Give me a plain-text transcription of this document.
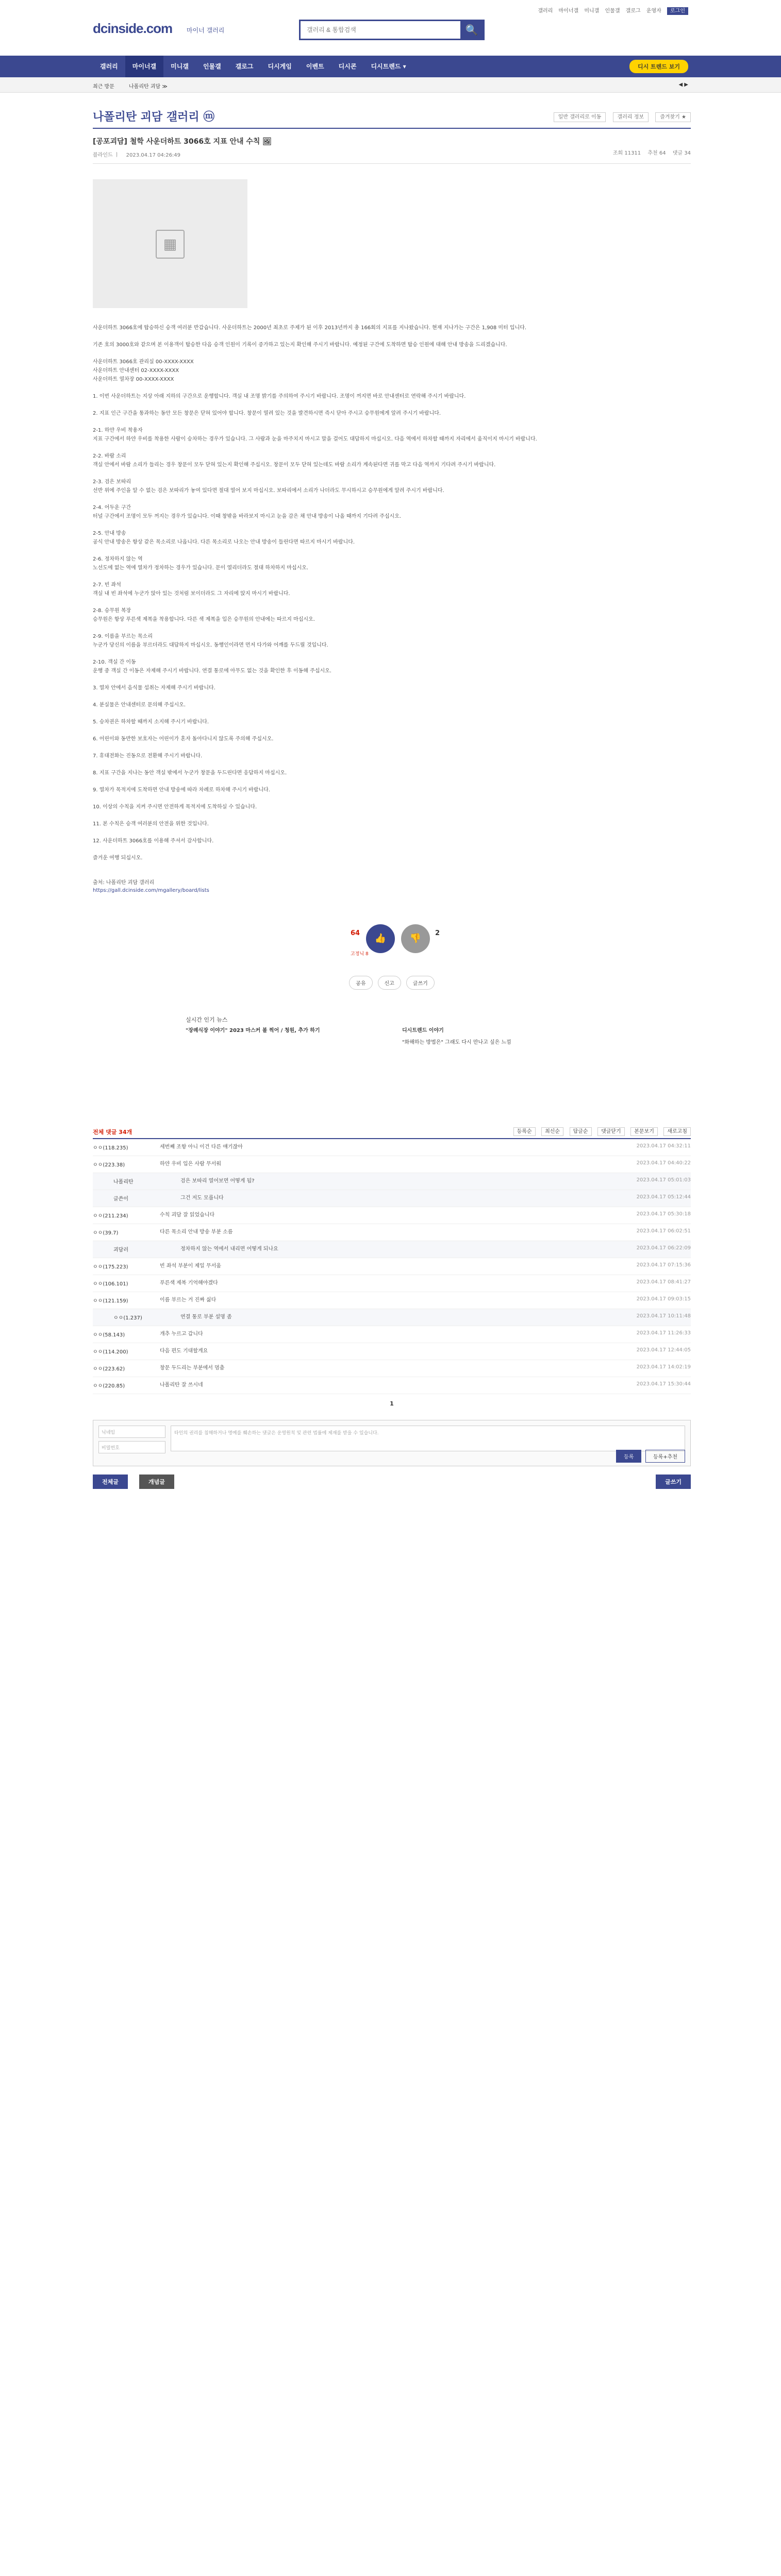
dcinside.com 마이너 갤러리
갤러리 & 통합검색	🔍
갤러리 마이너갤 미니갤 인물갤 갤로그 운영자 로그인
갤러리	마이너갤	미니갤	인물갤	갤로그	디시게임	이벤트	디시콘	디시트렌드 ▾	디시 트렌드 보기
최근 방문	나폴리탄 괴담 ≫	◀ ▶
나폴리탄 괴담 갤러리 ⓜ	일반 갤러리로 이동	갤러리 정보	즐겨찾기 ★
[공포괴담] 철학 사운더하트 3066호 지표 안내 수칙 🖼
블라인드 ㅣ 2023.04.17 04:26:49	조회 11311 추천 64 댓글 34
▦

사운더하트 3066호에 탑승하신 승객 여러분 반갑습니다. 사운더하트는 2000년 최초로 주제가 된 이후 2013년까지 총 166회의 지표를 지나왔습니다. 현재 지나가는 구간은 1,908 미터 입니다.

기존 호의 3000호와 같으며 본 이용객이 탑승한 다음 승객 인원이 기록이 증가하고 있는지 확인해 주시기 바랍니다. 예정된 구간에 도착하면 탑승 인원에 대해 안내 방송을 드리겠습니다.

사운더하트 3066호 관리실 00-XXXX-XXXX
사운더하트 안내센터 02-XXXX-XXXX
사운더하트 열차장 00-XXXX-XXXX

1. 이번 사운더하트는 지상 아래 지하의 구간으로 운행합니다. 객실 내 조명 밝기를 주의하여 주시기 바랍니다. 조명이 꺼지면 바로 안내센터로 연락해 주시기 바랍니다.

2. 지표 인근 구간을 통과하는 동안 모든 창문은 닫혀 있어야 합니다. 창문이 열려 있는 것을 발견하시면 즉시 닫아 주시고 승무원에게 알려 주시기 바랍니다.

2-1. 하얀 우비 착용자
지표 구간에서 하얀 우비를 착용한 사람이 승차하는 경우가 있습니다. 그 사람과 눈을 마주치지 마시고 말을 걸어도 대답하지 마십시오. 다음 역에서 하차할 때까지 자리에서 움직이지 마시기 바랍니다.

2-2. 바람 소리
객실 안에서 바람 소리가 들리는 경우 창문이 모두 닫혀 있는지 확인해 주십시오. 창문이 모두 닫혀 있는데도 바람 소리가 계속된다면 귀를 막고 다음 역까지 기다려 주시기 바랍니다.

2-3. 검은 보따리
선반 위에 주인을 알 수 없는 검은 보따리가 놓여 있다면 절대 열어 보지 마십시오. 보따리에서 소리가 나더라도 무시하시고 승무원에게 알려 주시기 바랍니다.

2-4. 어두운 구간
터널 구간에서 조명이 모두 꺼지는 경우가 있습니다. 이때 창밖을 바라보지 마시고 눈을 감은 채 안내 방송이 나올 때까지 기다려 주십시오.

2-5. 안내 방송
공식 안내 방송은 항상 같은 목소리로 나옵니다. 다른 목소리로 나오는 안내 방송이 들린다면 따르지 마시기 바랍니다.

2-6. 정차하지 않는 역
노선도에 없는 역에 열차가 정차하는 경우가 있습니다. 문이 열리더라도 절대 하차하지 마십시오.

2-7. 빈 좌석
객실 내 빈 좌석에 누군가 앉아 있는 것처럼 보이더라도 그 자리에 앉지 마시기 바랍니다.

2-8. 승무원 복장
승무원은 항상 푸른색 제복을 착용합니다. 다른 색 제복을 입은 승무원의 안내에는 따르지 마십시오.

2-9. 이름을 부르는 목소리
누군가 당신의 이름을 부르더라도 대답하지 마십시오. 동행인이라면 먼저 다가와 어깨를 두드릴 것입니다.

2-10. 객실 간 이동
운행 중 객실 간 이동은 자제해 주시기 바랍니다. 연결 통로에 아무도 없는 것을 확인한 후 이동해 주십시오.

3. 열차 안에서 음식물 섭취는 자제해 주시기 바랍니다.

4. 분실물은 안내센터로 문의해 주십시오.

5. 승차권은 하차할 때까지 소지해 주시기 바랍니다.

6. 어린이와 동반한 보호자는 어린이가 혼자 돌아다니지 않도록 주의해 주십시오.

7. 휴대전화는 진동으로 전환해 주시기 바랍니다.

8. 지표 구간을 지나는 동안 객실 밖에서 누군가 창문을 두드린다면 응답하지 마십시오.

9. 열차가 목적지에 도착하면 안내 방송에 따라 차례로 하차해 주시기 바랍니다.

10. 이상의 수칙을 지켜 주시면 안전하게 목적지에 도착하실 수 있습니다.

11. 본 수칙은 승객 여러분의 안전을 위한 것입니다.

12. 사운더하트 3066호를 이용해 주셔서 감사합니다.

즐거운 여행 되십시오.

출처: 나폴리탄 괴담 갤러리
https://gall.dcinside.com/mgallery/board/lists
64	👍	👎	2
고정닉 8
공유	신고	글쓰기
실시간 인기 뉴스
"장례식장 이야기" 2023 마스커 볼 찍어 / 청원, 추가 하기	디시트렌드 이야기
"화해하는 방법은" 그래도 다시 만나고 싶은 느낌
전체 댓글 34개	등록순	최신순	답글순	댓글닫기	본문보기	새로고침
ㅇㅇ(118.235)	세번째 조항 아니 이건 다른 얘기잖아	2023.04.17 04:32:11
ㅇㅇ(223.38)	하얀 우비 입은 사람 무서워	2023.04.17 04:40:22
나폴리탄	검은 보따리 열어보면 어떻게 됨?	2023.04.17 05:01:03
글쓴이	그건 저도 모릅니다	2023.04.17 05:12:44
ㅇㅇ(211.234)	수칙 괴담 잘 읽었습니다	2023.04.17 05:30:18
ㅇㅇ(39.7)	다른 목소리 안내 방송 부분 소름	2023.04.17 06:02:51
괴담러	정차하지 않는 역에서 내리면 어떻게 되나요	2023.04.17 06:22:09
ㅇㅇ(175.223)	빈 좌석 부분이 제일 무서움	2023.04.17 07:15:36
ㅇㅇ(106.101)	푸른색 제복 기억해야겠다	2023.04.17 08:41:27
ㅇㅇ(121.159)	이름 부르는 거 진짜 싫다	2023.04.17 09:03:15
ㅇㅇ(1.237)	연결 통로 부분 설명 좀	2023.04.17 10:11:48
ㅇㅇ(58.143)	개추 누르고 갑니다	2023.04.17 11:26:33
ㅇㅇ(114.200)	다음 편도 기대할게요	2023.04.17 12:44:05
ㅇㅇ(223.62)	창문 두드리는 부분에서 멈춤	2023.04.17 14:02:19
ㅇㅇ(220.85)	나폴리탄 잘 쓰시네	2023.04.17 15:30:44
1
닉네임
비밀번호
타인의 권리를 침해하거나 명예를 훼손하는 댓글은 운영원칙 및 관련 법률에 제재를 받을 수 있습니다.
등록	등록+추천
전체글	개념글	글쓰기
